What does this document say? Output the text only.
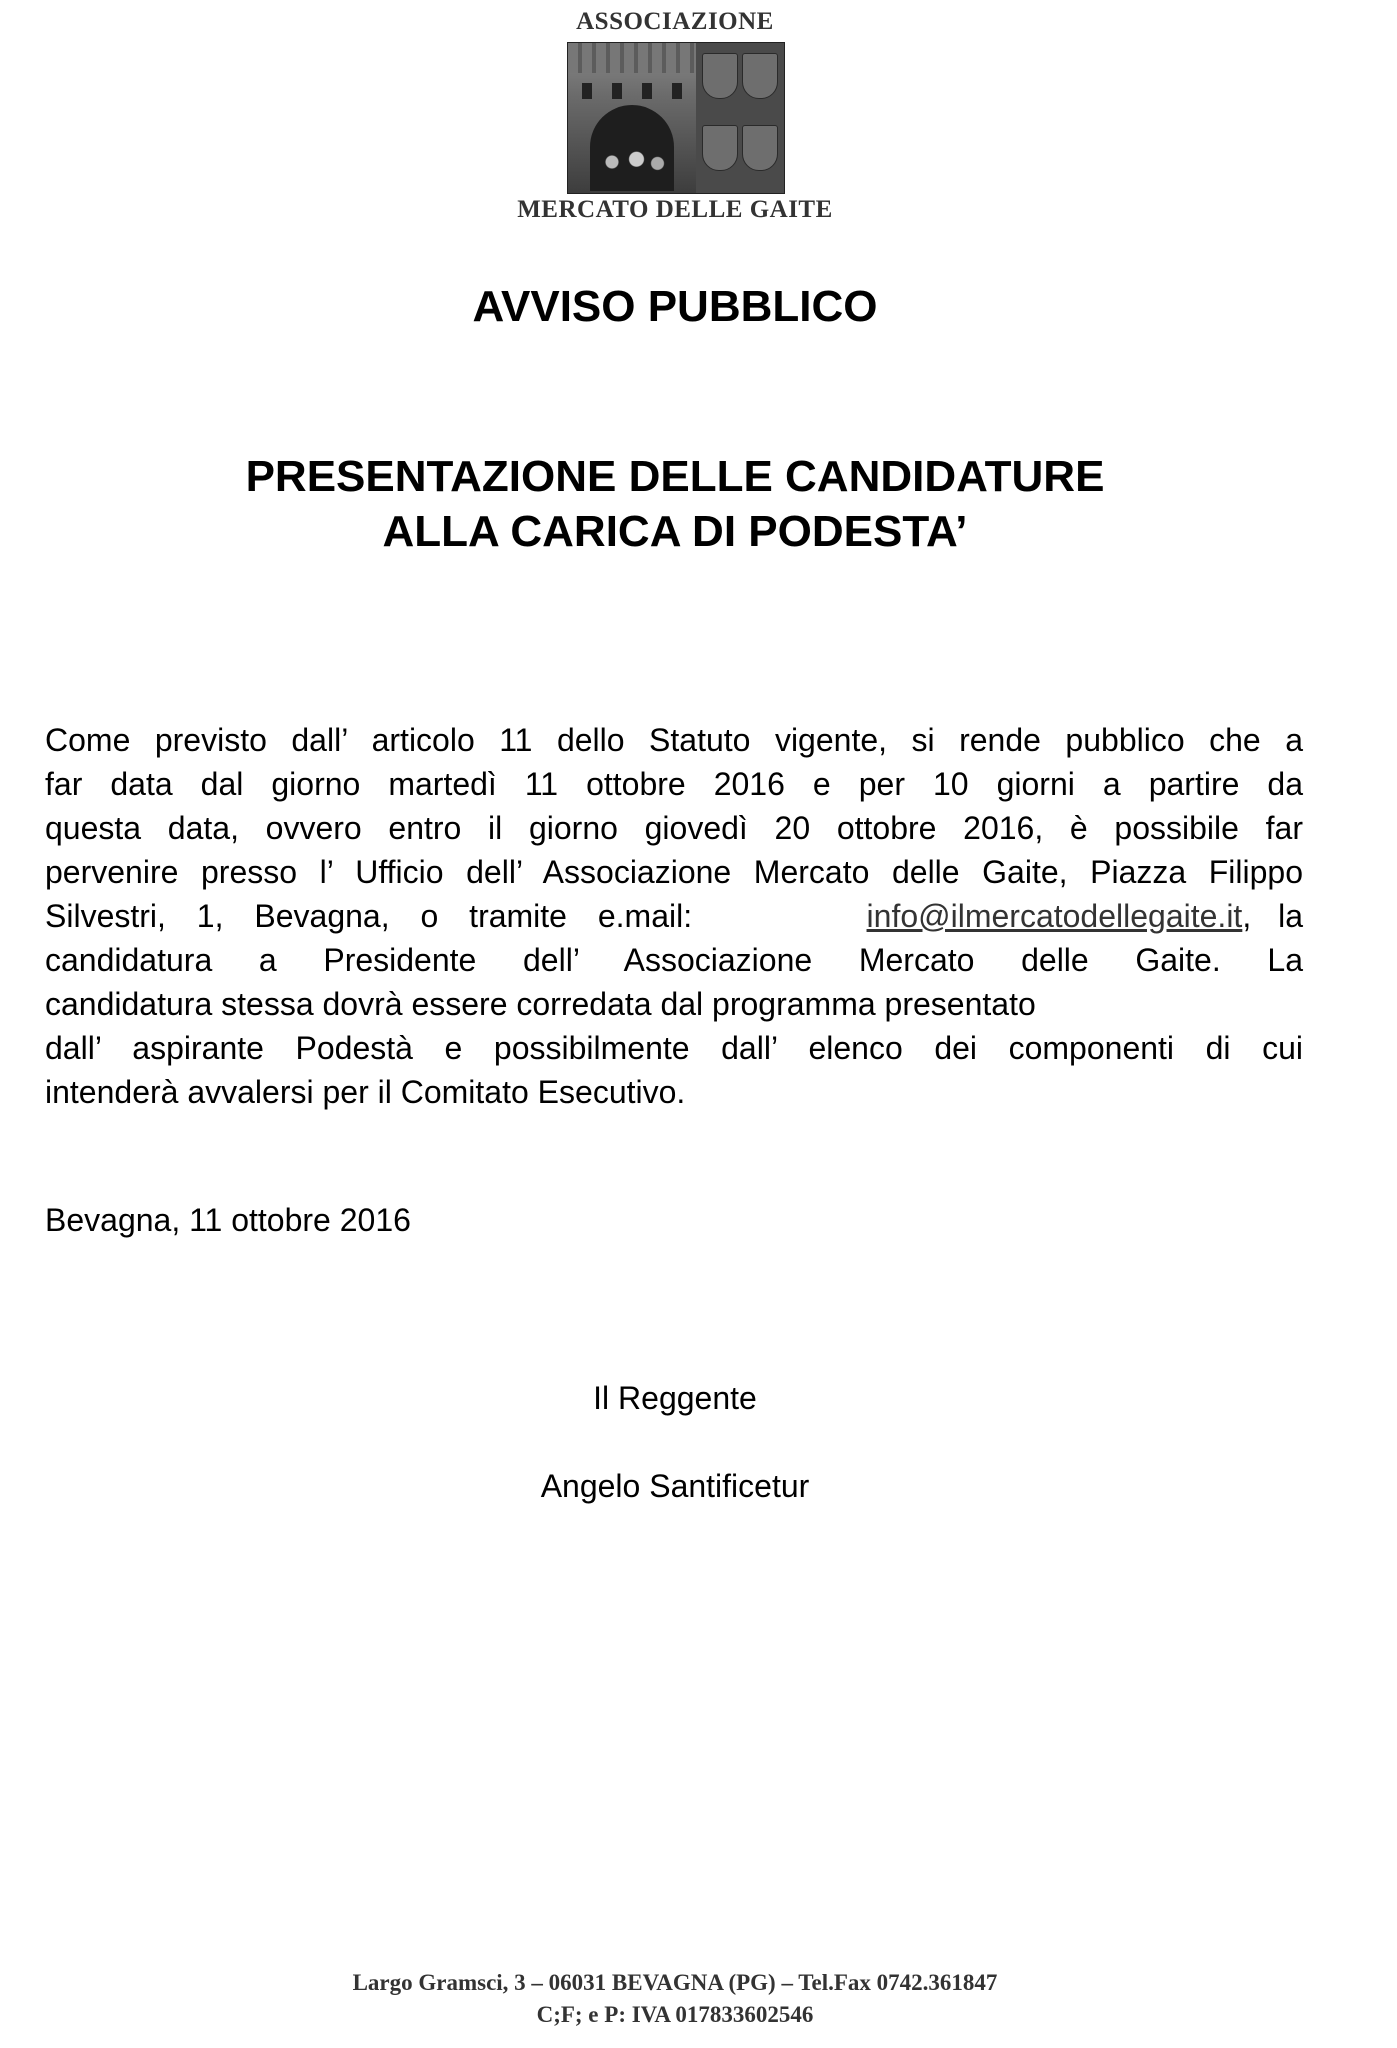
ASSOCIAZIONE
MERCATO DELLE GAITE
AVVISO PUBBLICO
PRESENTAZIONE DELLE CANDIDATURE
ALLA CARICA DI PODESTA’
Come previsto dall’ articolo 11 dello Statuto vigente, si rende pubblico che a
far data dal giorno martedì 11 ottobre 2016 e per 10 giorni a partire da
questa data, ovvero entro il giorno giovedì 20 ottobre 2016, è possibile far
pervenire presso l’ Ufficio dell’ Associazione Mercato delle Gaite, Piazza Filippo
Silvestri, 1, Bevagna, o tramite e.mail:	info@ilmercatodellegaite.it, la
candidatura a Presidente dell’ Associazione Mercato delle Gaite. La
candidatura stessa dovrà essere corredata dal programma presentato
dall’ aspirante Podestà e possibilmente dall’ elenco dei componenti di cui
intenderà avvalersi per il Comitato Esecutivo.
Bevagna, 11 ottobre 2016
Il Reggente
Angelo Santificetur
Largo Gramsci, 3 – 06031 BEVAGNA (PG) – Tel.Fax 0742.361847
C;F; e P: IVA 017833602546
